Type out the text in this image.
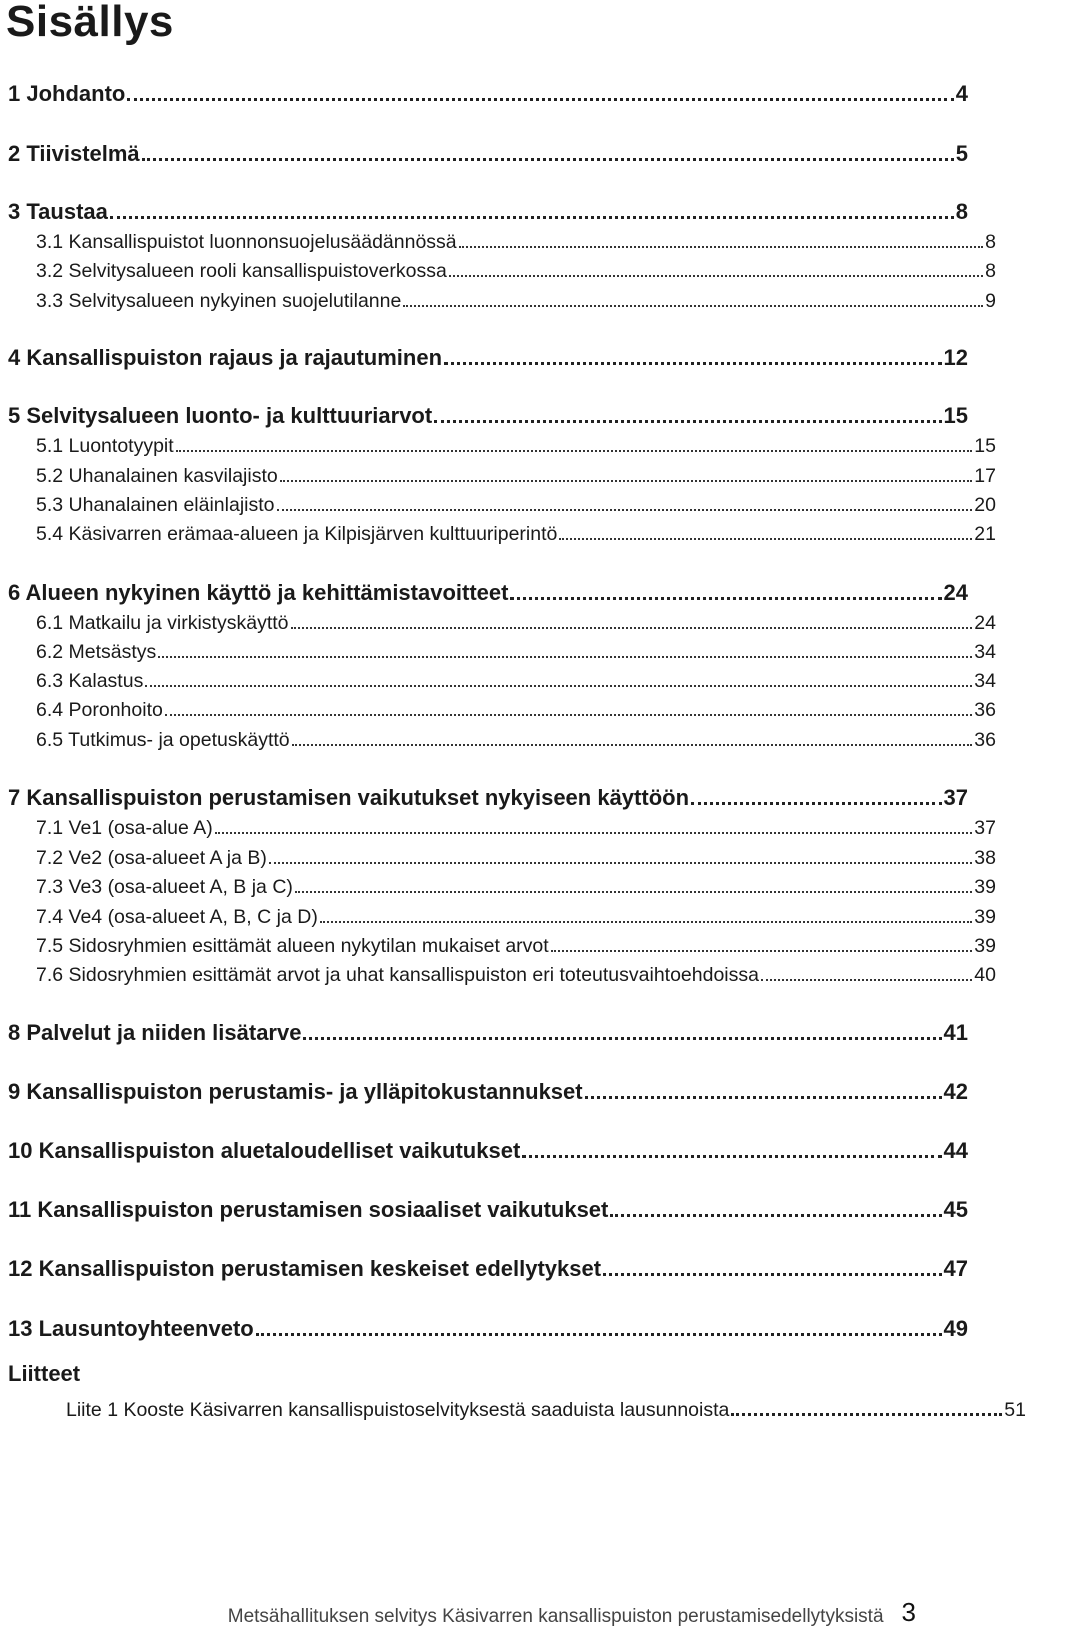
Sisällys
1 Johdanto	4
2 Tiivistelmä	5
3 Taustaa	8
3.1 Kansallispuistot luonnonsuojelusäädännössä	8
3.2 Selvitysalueen rooli kansallispuistoverkossa	8
3.3 Selvitysalueen nykyinen suojelutilanne	9
4 Kansallispuiston rajaus ja rajautuminen	12
5 Selvitysalueen luonto- ja kulttuuriarvot	15
5.1 Luontotyypit	15
5.2 Uhanalainen kasvilajisto	17
5.3 Uhanalainen eläinlajisto	20
5.4 Käsivarren erämaa-alueen ja Kilpisjärven kulttuuriperintö	21
6 Alueen nykyinen käyttö ja kehittämistavoitteet	24
6.1 Matkailu ja virkistyskäyttö	24
6.2 Metsästys	34
6.3 Kalastus	34
6.4 Poronhoito	36
6.5 Tutkimus- ja opetuskäyttö	36
7 Kansallispuiston perustamisen vaikutukset nykyiseen käyttöön	37
7.1 Ve1 (osa-alue A)	37
7.2 Ve2 (osa-alueet A ja B)	38
7.3 Ve3 (osa-alueet A, B ja C)	39
7.4 Ve4 (osa-alueet A, B, C ja D)	39
7.5 Sidosryhmien esittämät alueen nykytilan mukaiset arvot	39
7.6 Sidosryhmien esittämät arvot ja uhat kansallispuiston eri toteutusvaihtoehdoissa	40
8 Palvelut ja niiden lisätarve	41
9 Kansallispuiston perustamis- ja ylläpitokustannukset	42
10 Kansallispuiston aluetaloudelliset vaikutukset	44
11 Kansallispuiston perustamisen sosiaaliset vaikutukset	45
12 Kansallispuiston perustamisen keskeiset edellytykset	47
13 Lausuntoyhteenveto	49
Liitteet
Liite 1 Kooste Käsivarren kansallispuistoselvityksestä saaduista lausunnoista	51
Metsähallituksen selvitys Käsivarren kansallispuiston perustamisedellytyksistä 3
